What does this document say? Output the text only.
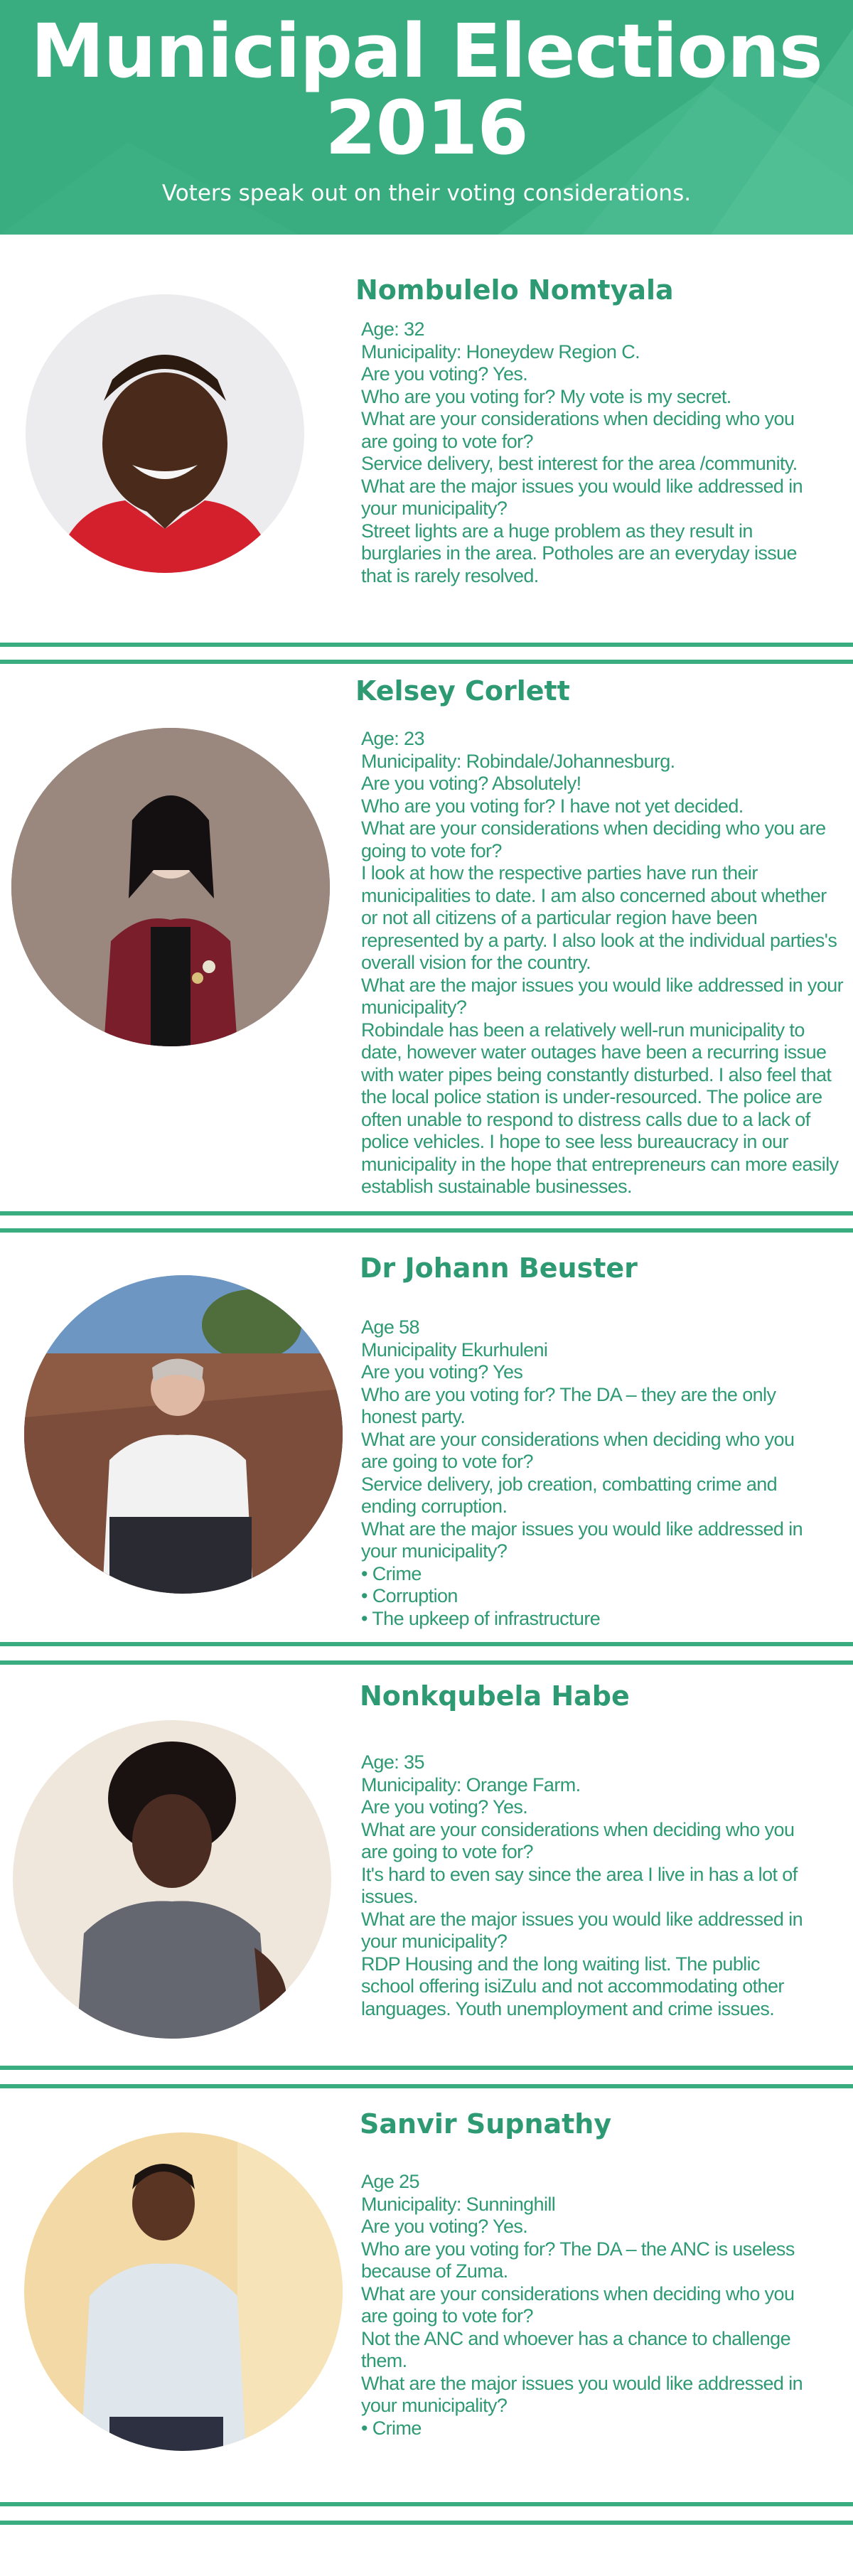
Municipal Elections
2016
Voters speak out on their voting considerations.
Nombulelo Nomtyala

Age: 32

Municipality: Honeydew Region C.

Are you voting? Yes.

Who are you voting for? My vote is my secret.

What are your considerations when deciding who you are going to vote for?

Service delivery, best interest for the area /community.

What are the major issues you would like addressed in your municipality?

Street lights are a huge problem as they result in burglaries in the area. Potholes are an everyday issue that is rarely resolved.

Kelsey Corlett

Age: 23

Municipality: Robindale/Johannesburg.

Are you voting? Absolutely!

Who are you voting for? I have not yet decided.

What are your considerations when deciding who you are going to vote for?

I look at how the respective parties have run their municipalities to date. I am also concerned about whether or not all citizens of a particular region have been represented by a party. I also look at the individual parties's overall vision for the country.

What are the major issues you would like addressed in your municipality?

Robindale has been a relatively well-run municipality to date, however water outages have been a recurring issue with water pipes being constantly disturbed. I also feel that the local police station is under-resourced. The police are often unable to respond to distress calls due to a lack of police vehicles. I hope to see less bureaucracy in our municipality in the hope that entrepreneurs can more easily establish sustainable businesses.

Dr Johann Beuster

Age 58

Municipality Ekurhuleni

Are you voting? Yes

Who are you voting for? The DA – they are the only honest party.

What are your considerations when deciding who you are going to vote for?

Service delivery, job creation, combatting crime and ending corruption.

What are the major issues you would like addressed in your municipality?

• Crime

• Corruption

• The upkeep of infrastructure

Nonkqubela Habe

Age: 35

Municipality: Orange Farm.

Are you voting? Yes.

What are your considerations when deciding who you are going to vote for?

It's hard to even say since the area I live in has a lot of issues.

What are the major issues you would like addressed in your municipality?

RDP Housing and the long waiting list. The public school offering isiZulu and not accommodating other languages. Youth unemployment and crime issues.

Sanvir Supnathy

Age 25

Municipality: Sunninghill

Are you voting? Yes.

Who are you voting for? The DA – the ANC is useless because of Zuma.

What are your considerations when deciding who you are going to vote for?

Not the ANC and whoever has a chance to challenge them.

What are the major issues you would like addressed in your municipality?

• Crime
